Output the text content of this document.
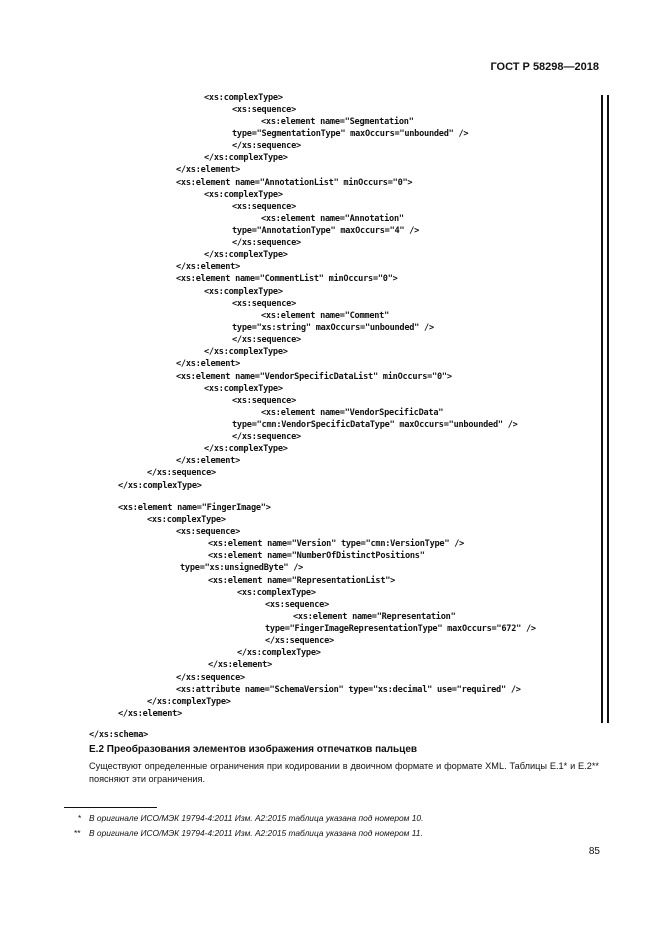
ГОСТ Р 58298—2018
<xs:complexType>
<xs:sequence>
<xs:element name="Segmentation"
type="SegmentationType" maxOccurs="unbounded" />
</xs:sequence>
</xs:complexType>
</xs:element>
<xs:element name="AnnotationList" minOccurs="0">
<xs:complexType>
<xs:sequence>
<xs:element name="Annotation"
type="AnnotationType" maxOccurs="4" />
</xs:sequence>
</xs:complexType>
</xs:element>
<xs:element name="CommentList" minOccurs="0">
<xs:complexType>
<xs:sequence>
<xs:element name="Comment"
type="xs:string" maxOccurs="unbounded" />
</xs:sequence>
</xs:complexType>
</xs:element>
<xs:element name="VendorSpecificDataList" minOccurs="0">
<xs:complexType>
<xs:sequence>
<xs:element name="VendorSpecificData"
type="cmn:VendorSpecificDataType" maxOccurs="unbounded" />
</xs:sequence>
</xs:complexType>
</xs:element>
</xs:sequence>
</xs:complexType>
<xs:element name="FingerImage">
<xs:complexType>
<xs:sequence>
<xs:element name="Version" type="cmn:VersionType" />
<xs:element name="NumberOfDistinctPositions"
type="xs:unsignedByte" />
<xs:element name="RepresentationList">
<xs:complexType>
<xs:sequence>
<xs:element name="Representation"
type="FingerImageRepresentationType" maxOccurs="672" />
</xs:sequence>
</xs:complexType>
</xs:element>
</xs:sequence>
<xs:attribute name="SchemaVersion" type="xs:decimal" use="required" />
</xs:complexType>
</xs:element>
</xs:schema>
E.2 Преобразования элементов изображения отпечатков пальцев
Существуют определенные ограничения при кодировании в двоичном формате и формате XML. Таблицы Е.1* и Е.2** поясняют эти ограничения.
* В оригинале ИСО/МЭК 19794-4:2011 Изм. А2:2015 таблица указана под номером 10.
** В оригинале ИСО/МЭК 19794-4:2011 Изм. А2:2015 таблица указана под номером 11.
85
